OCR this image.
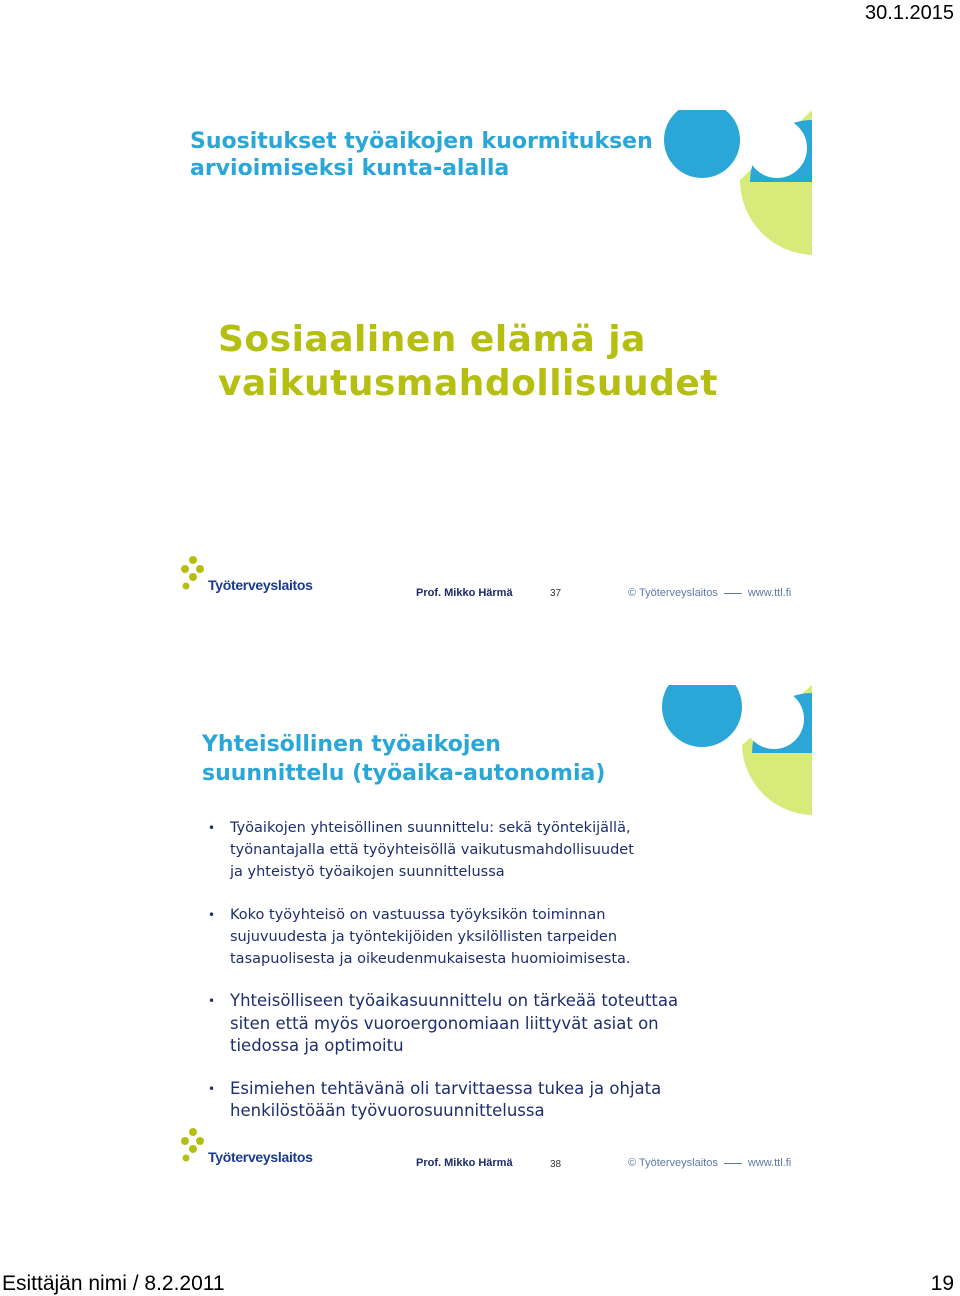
30.1.2015
Suositukset työaikojen kuormituksen
arvioimiseksi kunta-alalla
Sosiaalinen elämä ja
vaikutusmahdollisuudet
Työterveyslaitos	Prof. Mikko Härmä	37	© Työterveyslaitos	www.ttl.fi
Yhteisöllinen työaikojen
suunnittelu (työaika-autonomia)
• Työaikojen yhteisöllinen suunnittelu: sekä työntekijällä,
työnantajalla että työyhteisöllä vaikutusmahdollisuudet
ja yhteistyö työaikojen suunnittelussa
• Koko työyhteisö on vastuussa työyksikön toiminnan
sujuvuudesta ja työntekijöiden yksilöllisten tarpeiden
tasapuolisesta ja oikeudenmukaisesta huomioimisesta.
• Yhteisölliseen työaikasuunnittelu on tärkeää toteuttaa
siten että myös vuoroergonomiaan liittyvät asiat on
tiedossa ja optimoitu
• Esimiehen tehtävänä oli tarvittaessa tukea ja ohjata
henkilöstöään työvuorosuunnittelussa
Työterveyslaitos	Prof. Mikko Härmä	38	© Työterveyslaitos	www.ttl.fi
Esittäjän nimi / 8.2.2011	19
